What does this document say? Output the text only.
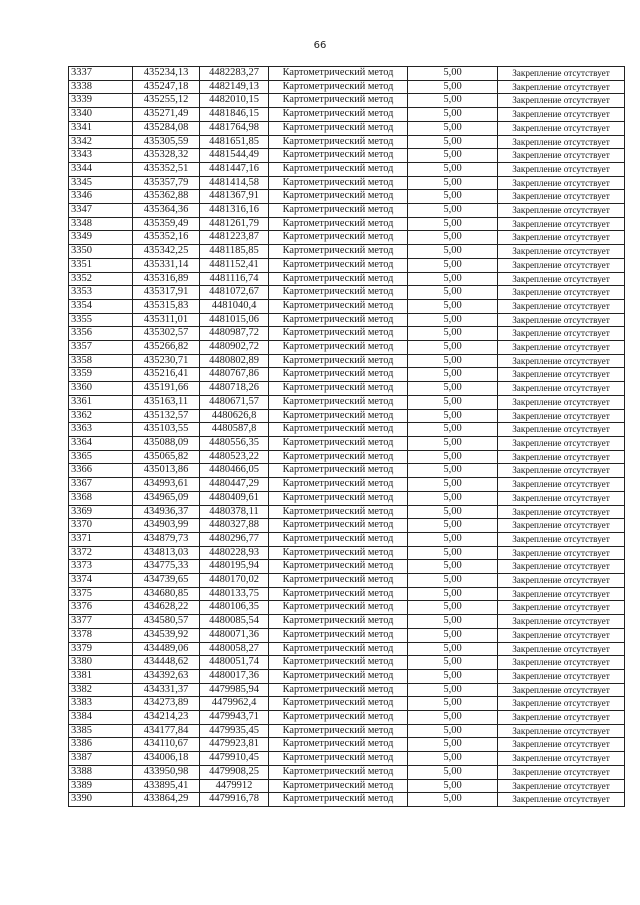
66
3337	435234,13	4482283,27	Картометрический метод	5,00	Закрепление отсутствует
3338	435247,18	4482149,13	Картометрический метод	5,00	Закрепление отсутствует
3339	435255,12	4482010,15	Картометрический метод	5,00	Закрепление отсутствует
3340	435271,49	4481846,15	Картометрический метод	5,00	Закрепление отсутствует
3341	435284,08	4481764,98	Картометрический метод	5,00	Закрепление отсутствует
3342	435305,59	4481651,85	Картометрический метод	5,00	Закрепление отсутствует
3343	435328,32	4481544,49	Картометрический метод	5,00	Закрепление отсутствует
3344	435352,51	4481447,16	Картометрический метод	5,00	Закрепление отсутствует
3345	435357,79	4481414,58	Картометрический метод	5,00	Закрепление отсутствует
3346	435362,88	4481367,91	Картометрический метод	5,00	Закрепление отсутствует
3347	435364,36	4481316,16	Картометрический метод	5,00	Закрепление отсутствует
3348	435359,49	4481261,79	Картометрический метод	5,00	Закрепление отсутствует
3349	435352,16	4481223,87	Картометрический метод	5,00	Закрепление отсутствует
3350	435342,25	4481185,85	Картометрический метод	5,00	Закрепление отсутствует
3351	435331,14	4481152,41	Картометрический метод	5,00	Закрепление отсутствует
3352	435316,89	4481116,74	Картометрический метод	5,00	Закрепление отсутствует
3353	435317,91	4481072,67	Картометрический метод	5,00	Закрепление отсутствует
3354	435315,83	4481040,4	Картометрический метод	5,00	Закрепление отсутствует
3355	435311,01	4481015,06	Картометрический метод	5,00	Закрепление отсутствует
3356	435302,57	4480987,72	Картометрический метод	5,00	Закрепление отсутствует
3357	435266,82	4480902,72	Картометрический метод	5,00	Закрепление отсутствует
3358	435230,71	4480802,89	Картометрический метод	5,00	Закрепление отсутствует
3359	435216,41	4480767,86	Картометрический метод	5,00	Закрепление отсутствует
3360	435191,66	4480718,26	Картометрический метод	5,00	Закрепление отсутствует
3361	435163,11	4480671,57	Картометрический метод	5,00	Закрепление отсутствует
3362	435132,57	4480626,8	Картометрический метод	5,00	Закрепление отсутствует
3363	435103,55	4480587,8	Картометрический метод	5,00	Закрепление отсутствует
3364	435088,09	4480556,35	Картометрический метод	5,00	Закрепление отсутствует
3365	435065,82	4480523,22	Картометрический метод	5,00	Закрепление отсутствует
3366	435013,86	4480466,05	Картометрический метод	5,00	Закрепление отсутствует
3367	434993,61	4480447,29	Картометрический метод	5,00	Закрепление отсутствует
3368	434965,09	4480409,61	Картометрический метод	5,00	Закрепление отсутствует
3369	434936,37	4480378,11	Картометрический метод	5,00	Закрепление отсутствует
3370	434903,99	4480327,88	Картометрический метод	5,00	Закрепление отсутствует
3371	434879,73	4480296,77	Картометрический метод	5,00	Закрепление отсутствует
3372	434813,03	4480228,93	Картометрический метод	5,00	Закрепление отсутствует
3373	434775,33	4480195,94	Картометрический метод	5,00	Закрепление отсутствует
3374	434739,65	4480170,02	Картометрический метод	5,00	Закрепление отсутствует
3375	434680,85	4480133,75	Картометрический метод	5,00	Закрепление отсутствует
3376	434628,22	4480106,35	Картометрический метод	5,00	Закрепление отсутствует
3377	434580,57	4480085,54	Картометрический метод	5,00	Закрепление отсутствует
3378	434539,92	4480071,36	Картометрический метод	5,00	Закрепление отсутствует
3379	434489,06	4480058,27	Картометрический метод	5,00	Закрепление отсутствует
3380	434448,62	4480051,74	Картометрический метод	5,00	Закрепление отсутствует
3381	434392,63	4480017,36	Картометрический метод	5,00	Закрепление отсутствует
3382	434331,37	4479985,94	Картометрический метод	5,00	Закрепление отсутствует
3383	434273,89	4479962,4	Картометрический метод	5,00	Закрепление отсутствует
3384	434214,23	4479943,71	Картометрический метод	5,00	Закрепление отсутствует
3385	434177,84	4479935,45	Картометрический метод	5,00	Закрепление отсутствует
3386	434110,67	4479923,81	Картометрический метод	5,00	Закрепление отсутствует
3387	434006,18	4479910,45	Картометрический метод	5,00	Закрепление отсутствует
3388	433950,98	4479908,25	Картометрический метод	5,00	Закрепление отсутствует
3389	433895,41	4479912	Картометрический метод	5,00	Закрепление отсутствует
3390	433864,29	4479916,78	Картометрический метод	5,00	Закрепление отсутствует
